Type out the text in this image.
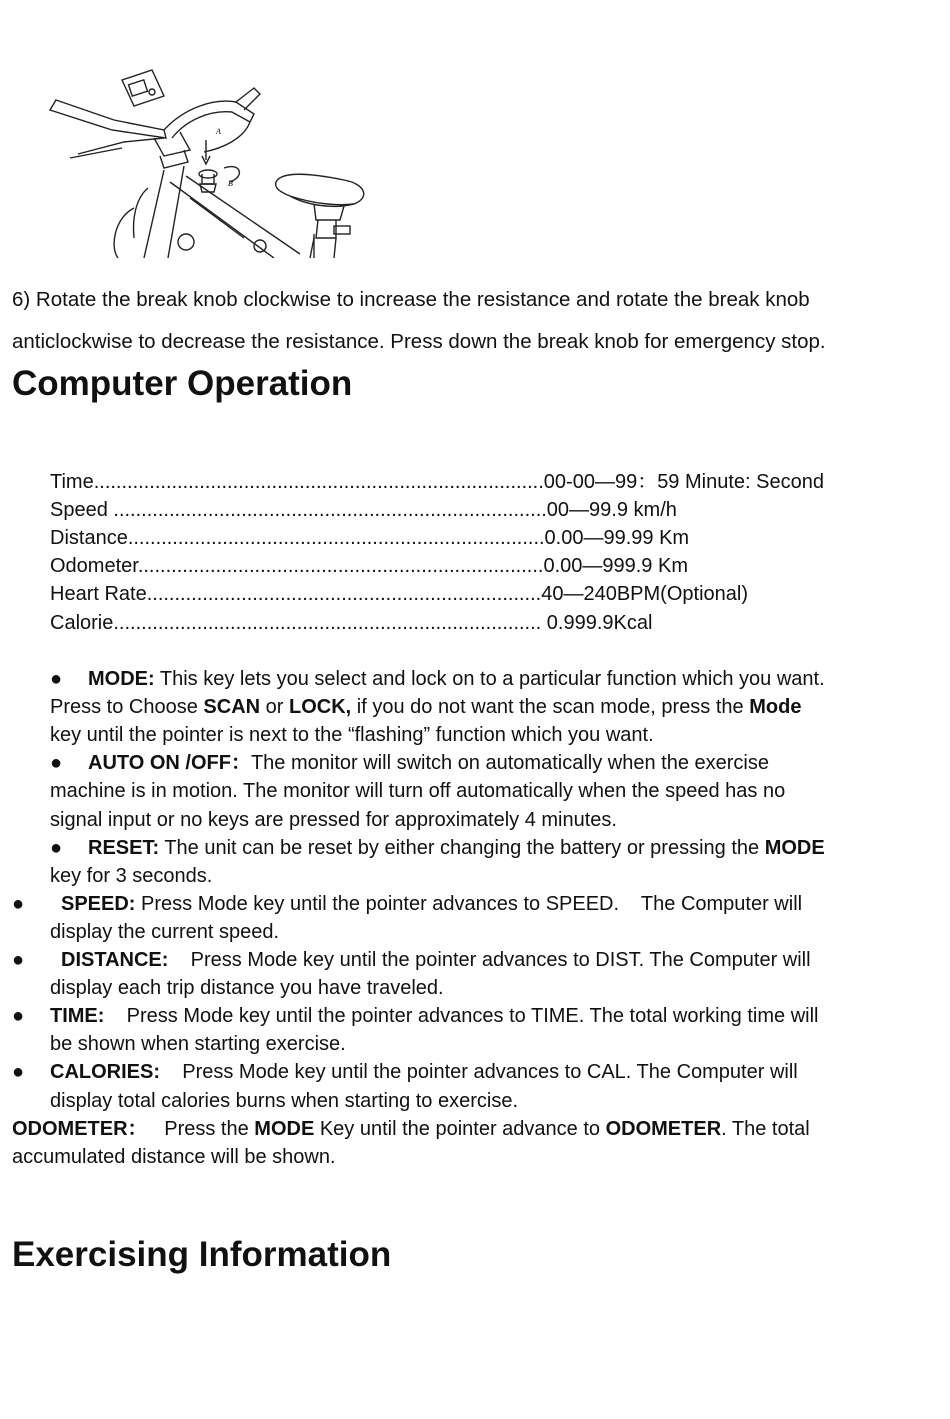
A
B
6) Rotate the break knob clockwise to increase the resistance and rotate the break knob
anticlockwise to decrease the resistance. Press down the break knob for emergency stop.
Computer Operation
Time.................................................................................00-00—99：59 Minute: Second
Speed ..............................................................................00—99.9 km/h
Distance...........................................................................0.00—99.99 Km
Odometer.........................................................................0.00—999.9 Km
Heart Rate.......................................................................40—240BPM(Optional)
Calorie............................................................................. 0.999.9Kcal
● MODE: This key lets you select and lock on to a particular function which you want.
Press to Choose SCAN or LOCK, if you do not want the scan mode, press the Mode
key until the pointer is next to the “flashing” function which you want.
● AUTO ON /OFF：The monitor will switch on automatically when the exercise
machine is in motion. The monitor will turn off automatically when the speed has no
signal input or no keys are pressed for approximately 4 minutes.
● RESET: The unit can be reset by either changing the battery or pressing the MODE
key for 3 seconds.
● SPEED: Press Mode key until the pointer advances to SPEED.    The Computer will
display the current speed.
● DISTANCE:    Press Mode key until the pointer advances to DIST. The Computer will
display each trip distance you have traveled.
● TIME:    Press Mode key until the pointer advances to TIME. The total working time will
be shown when starting exercise.
● CALORIES:    Press Mode key until the pointer advances to CAL. The Computer will
display total calories burns when starting to exercise.
ODOMETER：   Press the MODE Key until the pointer advance to ODOMETER. The total
accumulated distance will be shown.
Exercising Information
